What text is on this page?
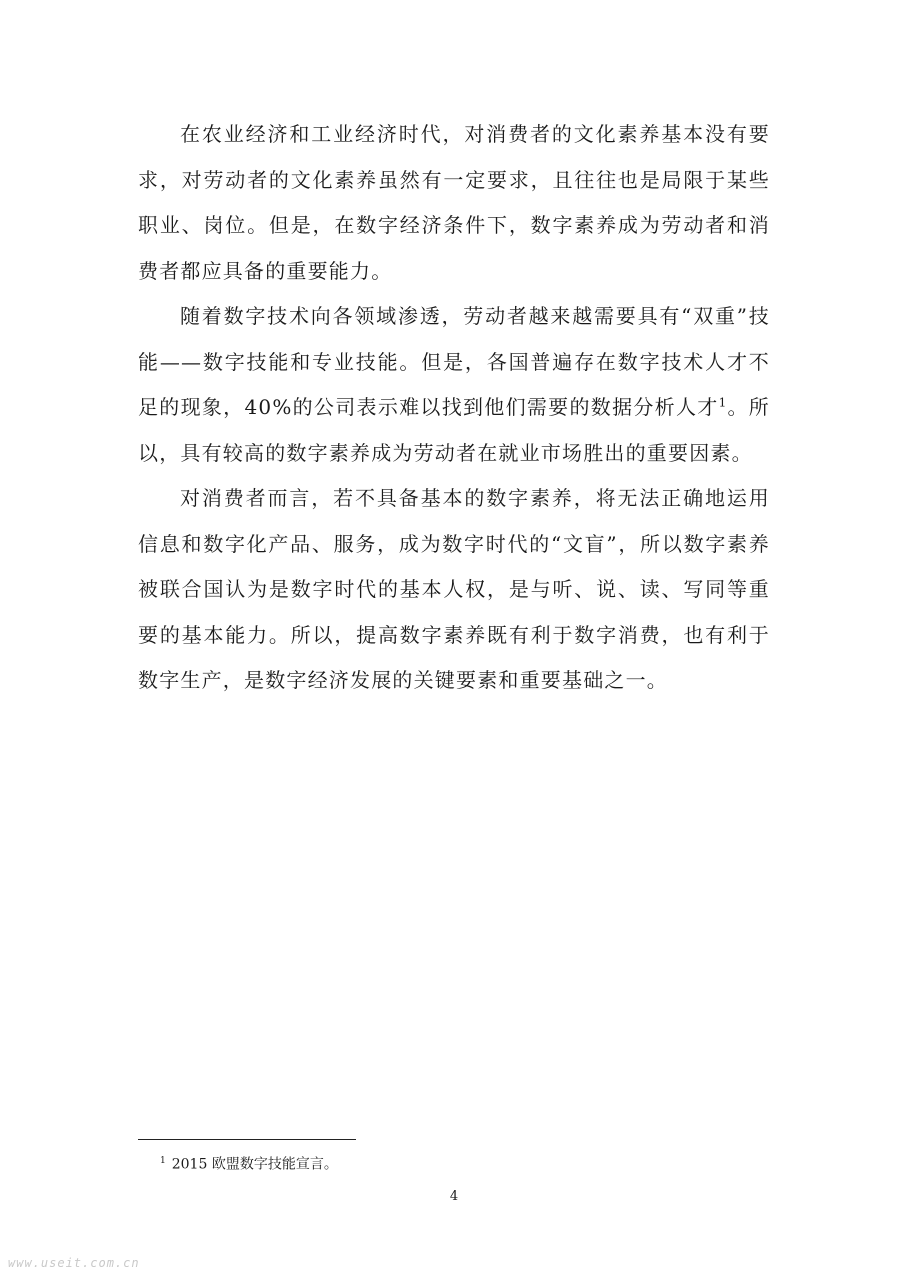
在农业经济和工业经济时代，对消费者的文化素养基本没有要求，对劳动者的文化素养虽然有一定要求，且往往也是局限于某些职业、岗位。但是，在数字经济条件下，数字素养成为劳动者和消费者都应具备的重要能力。

随着数字技术向各领域渗透，劳动者越来越需要具有“双重”技能——数字技能和专业技能。但是，各国普遍存在数字技术人才不足的现象，40%的公司表示难以找到他们需要的数据分析人才$^1$。所以，具有较高的数字素养成为劳动者在就业市场胜出的重要因素。

对消费者而言，若不具备基本的数字素养，将无法正确地运用信息和数字化产品、服务，成为数字时代的“文盲”，所以数字素养被联合国认为是数字时代的基本人权，是与听、说、读、写同等重要的基本能力。所以，提高数字素养既有利于数字消费，也有利于数字生产，是数字经济发展的关键要素和重要基础之一。

$^1$ 2015 欧盟数字技能宣言。
4
www.useit.com.cn
